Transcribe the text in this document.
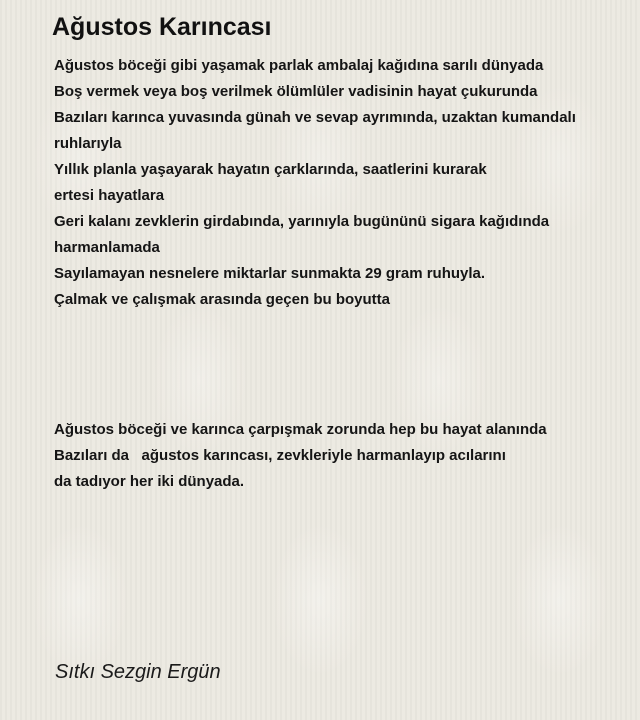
Ağustos Karıncası
Ağustos böceği gibi yaşamak parlak ambalaj kağıdına sarılı dünyada
Boş vermek veya boş verilmek ölümlüler vadisinin hayat çukurunda
Bazıları karınca yuvasında günah ve sevap ayrımında, uzaktan kumandalı
ruhlarıyla
Yıllık planla yaşayarak hayatın çarklarında, saatlerini kurarak
ertesi hayatlara
Geri kalanı zevklerin girdabında, yarınıyla bugününü sigara kağıdında
harmanlamada
Sayılamayan nesnelere miktarlar sunmakta 29 gram ruhuyla.
Çalmak ve çalışmak arasında geçen bu boyutta
Ağustos böceği ve karınca çarpışmak zorunda hep bu hayat alanında
Bazıları da   ağustos karıncası, zevkleriyle harmanlayıp acılarını
da tadıyor her iki dünyada.
Sıtkı Sezgin Ergün
